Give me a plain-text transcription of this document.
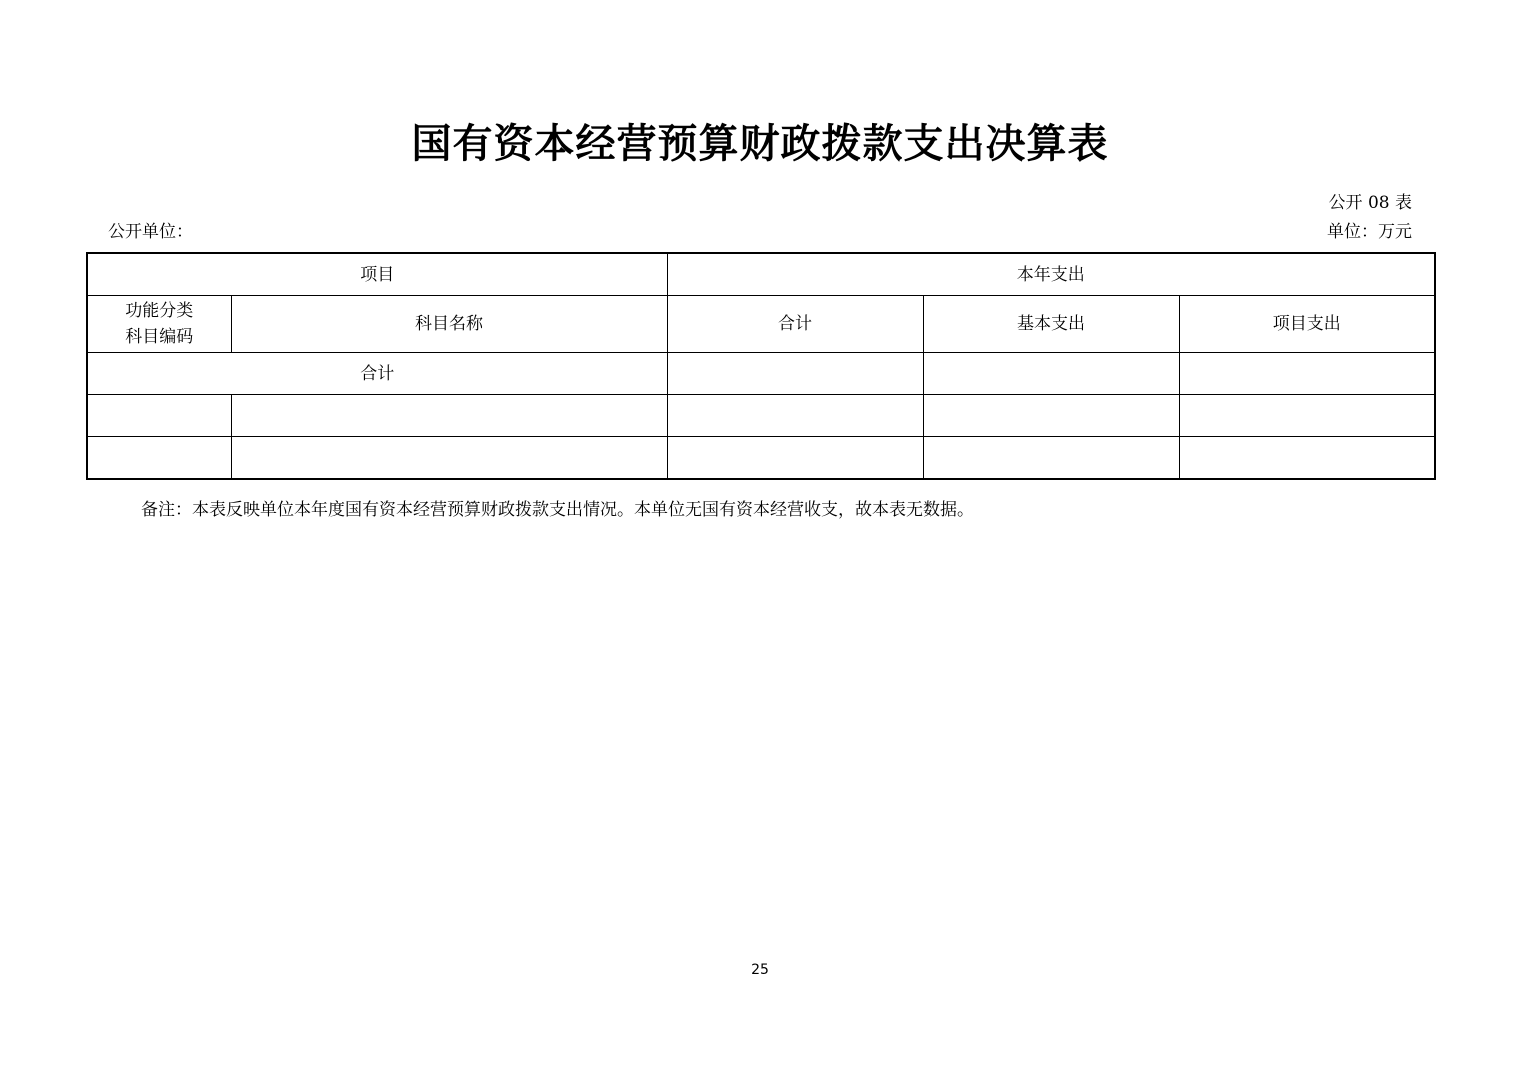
国有资本经营预算财政拨款支出决算表
公开 08 表
公开单位：	单位：万元
项目		本年支出		

功能分类科目编码	科目名称	合计	基本支出	项目支出
合计				

备注：本表反映单位本年度国有资本经营预算财政拨款支出情况。本单位无国有资本经营收支，故本表无数据。
25
